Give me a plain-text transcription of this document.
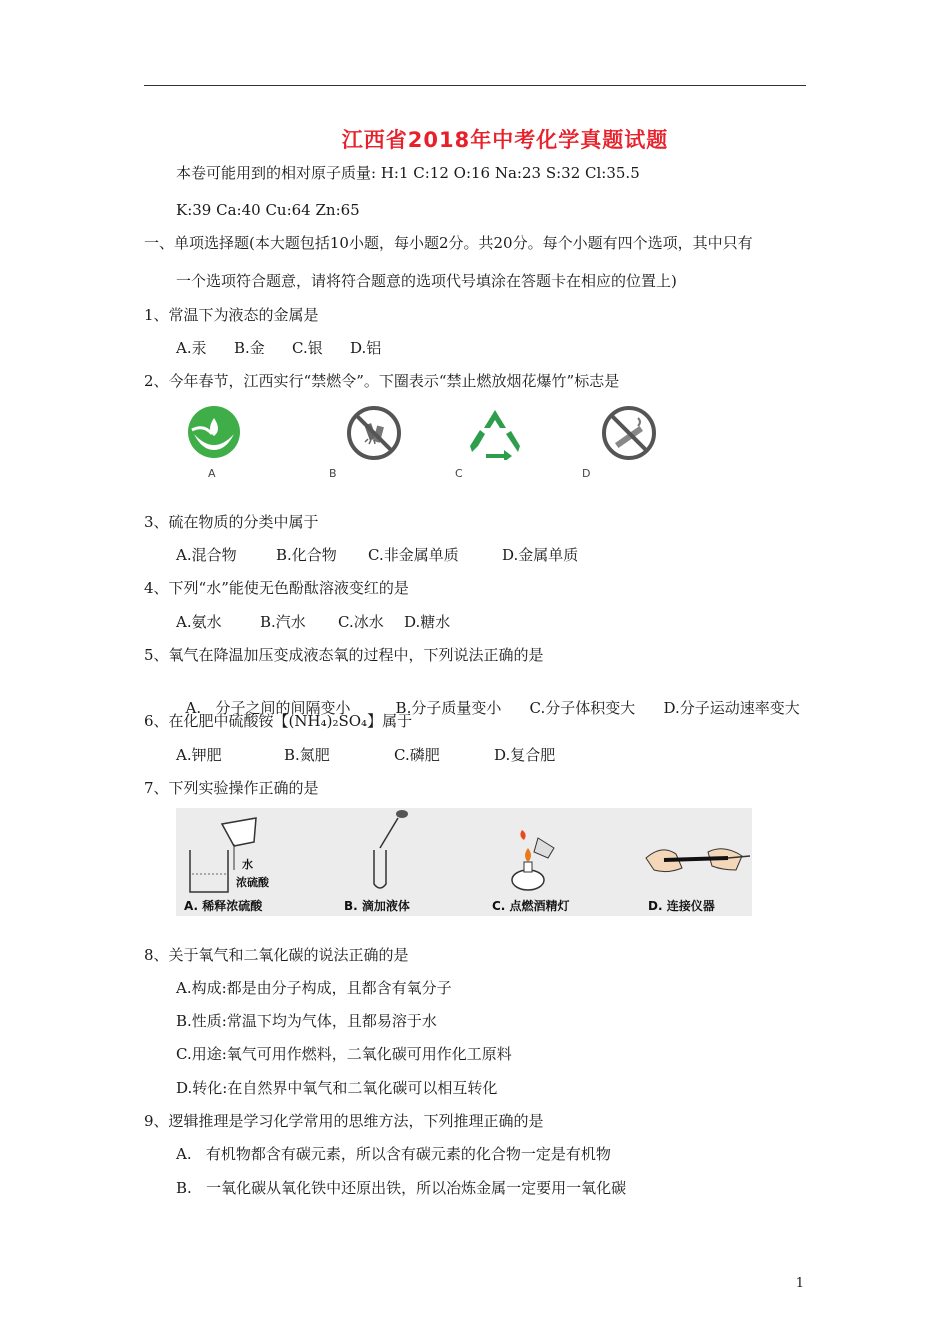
江西省2018年中考化学真题试题
本卷可能用到的相对原子质量: H:1 C:12 O:16 Na:23 S:32 Cl:35.5
K:39 Ca:40 Cu:64 Zn:65
一、单项选择题(本大题包括10小题，每小题2分。共20分。每个小题有四个选项，其中只有
一个选项符合题意，请将符合题意的选项代号填涂在答题卡在相应的位置上)
1、常温下为液态的金属是
A.汞 B.金 C.银 D.铝
2、今年春节，江西实行“禁燃令”。下圈表示“禁止燃放烟花爆竹”标志是
A	B	C	D
3、硫在物质的分类中属于
A.混合物	B.化合物 C.非金属单质	D.金属单质
4、下列“水”能使无色酚酞溶液变红的是
A.氨水	B.汽水 C.冰水 D.糖水
5、氧气在降温加压变成液态氧的过程中，下列说法正确的是

A.   分子之间的间隔变小	B.分子质量变小 C.分子体积变大 D.分子运动速率变大

6、在化肥中硫酸铵【(NH₄)₂SO₄】属于
A.钾肥	B.氮肥	C.磷肥	D.复合肥
7、下列实验操作正确的是
水
浓硫酸
A. 稀释浓硫酸	B. 滴加液体	C. 点燃酒精灯	D. 连接仪器
8、关于氧气和二氧化碳的说法正确的是
A.构成:都是由分子构成，且都含有氧分子
B.性质:常温下均为气体，且都易溶于水
C.用途:氧气可用作燃料，二氧化碳可用作化工原料
D.转化:在自然界中氧气和二氧化碳可以相互转化
9、逻辑推理是学习化学常用的思维方法，下列推理正确的是
A.   有机物都含有碳元素，所以含有碳元素的化合物一定是有机物
B.   一氧化碳从氧化铁中还原出铁，所以冶炼金属一定要用一氧化碳
1
